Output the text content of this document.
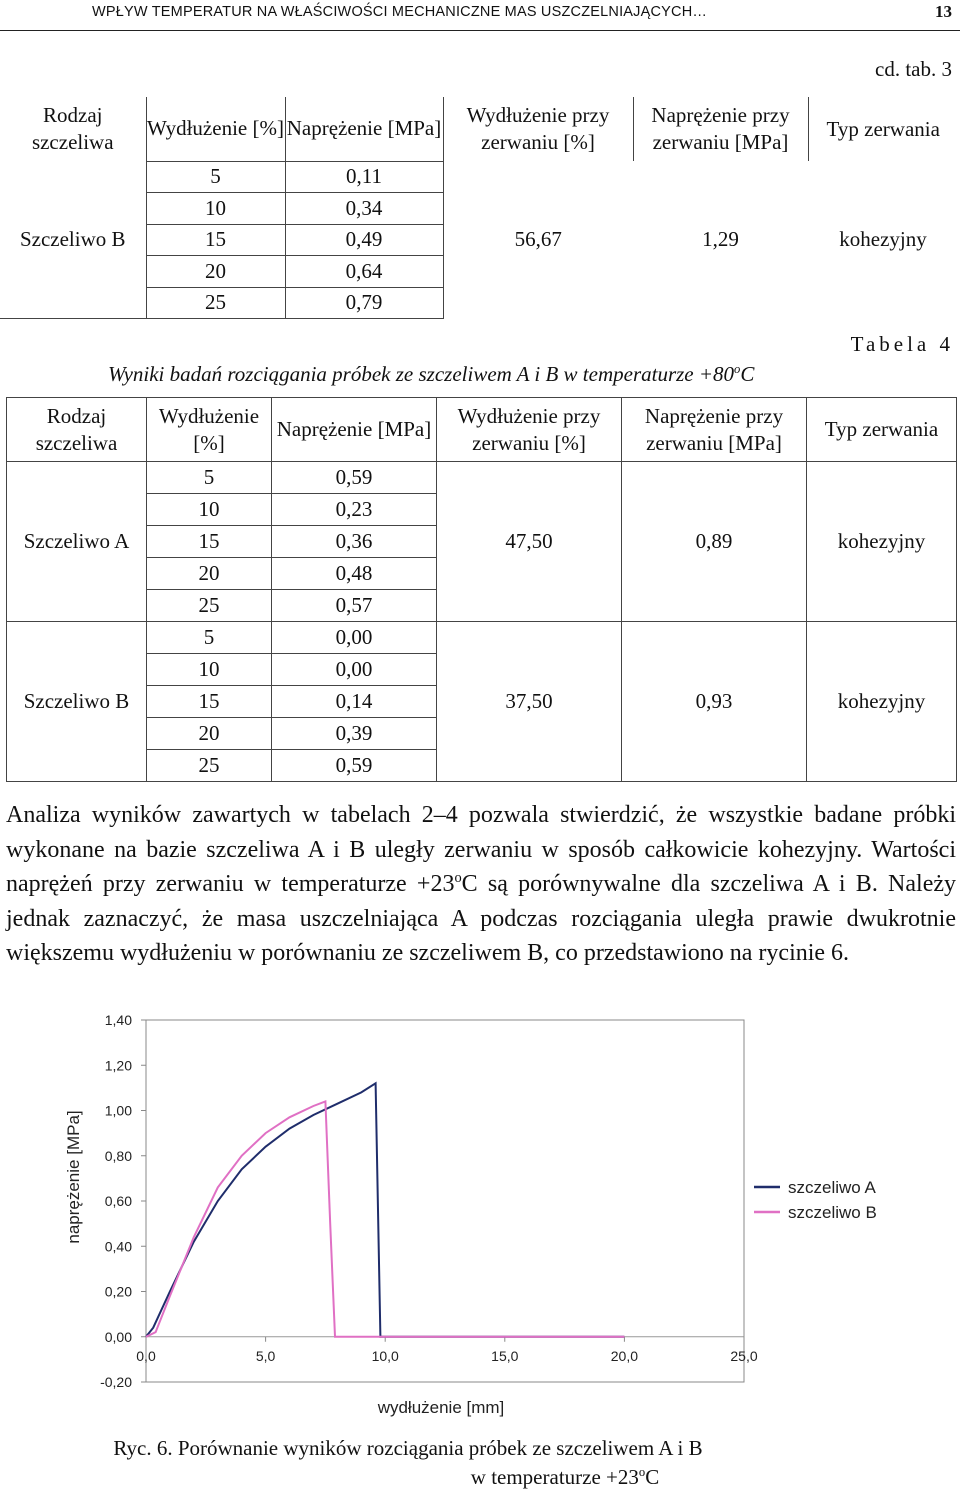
WPŁYW TEMPERATUR NA WŁAŚCIWOŚCI MECHANICZNE MAS USZCZELNIAJĄCYCH…	13
cd. tab. 3
Rodzaj szczeliwa	Wydłużenie [%]	Naprężenie [MPa]	Wydłużenie przy zerwaniu [%]	Naprężenie przy zerwaniu [MPa]	Typ zerwania
Szczeliwo B	5	0,11	56,67	1,29	kohezyjny
	10	0,34			
	15	0,49			
	20	0,64			
	25	0,79			
Tabela 4
Wyniki badań rozciągania próbek ze szczeliwem A i B w temperaturze $+80^oC$
Rodzaj szczeliwa	Wydłużenie [%]	Naprężenie [MPa]	Wydłużenie przy zerwaniu [%]	Naprężenie przy zerwaniu [MPa]	Typ zerwania
Szczeliwo A	5	0,59	47,50	0,89	kohezyjny
	10	0,23			
	15	0,36			
	20	0,48			
	25	0,57			
Szczeliwo B	5	0,00	37,50	0,93	kohezyjny
	10	0,00			
	15	0,14			
	20	0,39			
	25	0,59			

Analiza wyników zawartych w tabelach 2–4 pozwala stwierdzić, że wszystkie badane próbki wykonane na bazie szczeliwa A i B uległy zerwaniu w sposób całkowicie kohezyjny. Wartości naprężeń przy zerwaniu w temperaturze $+23^oC$ są porównywalne dla szczeliwa A i B. Należy jednak zaznaczyć, że masa uszczelniająca A podczas rozciągania uległa prawie dwukrotnie większemu wydłużeniu w porównaniu ze szczeliwem B, co przedstawiono na rycinie 6.

1,40
1,20
1,00
0,80
0,60
0,40
0,20
0,00
-0,20
0,0	5,0	10,0	15,0	20,0	25,0
szczeliwo A
szczeliwo B
naprężenie [MPa]
wydłużenie [mm]
Ryc. 6. Porównanie wyników rozciągania próbek ze szczeliwem A i B
w temperaturze $+23^oC$
